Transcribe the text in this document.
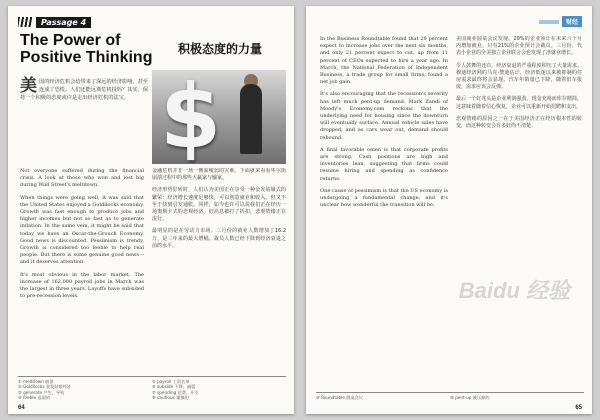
Passage 4
The Power of Positive Thinking	积极态度的力量
美 国的经济危机会给带来了深远的经济影响，甚至连成了恐慌。人们还能远离危机投吗？其实，保持一个积极的态度或许是走出经济危机的法宝。 $

Not everyone suffered during the financial crisis. A look at those who won and lost big during Wall Street's meltdown.

When things were going well, it was said that the United States enjoyed a Goldilocks economy. Growth was fast enough to produce jobs and higher incomes but not so fast as to generate inflation. In the same vein, it might be said that today we have an Oscar-the-Grouch Economy. Good news is discounted. Pessimism is trendy. Growth is considered too feeble to help real people. But there is some genuine good news—and it deserves attention.

It's most obvious in the labor market. The increase of 162,000 payroll jobs in March was the largest in three years. Layoffs have subsided to pre-recession levels.

金融危机并非一场一例面瘦弱的灾难。下面就来看看华尔街崩溃过程中的那些大赢家与输家。

经济形势好转时，人们认为美国正在享受一种金发姑娘式的繁荣：经济增长速度足够快，可以创造就业和收入，但又不至于快到引发通胀。同样，如今也许可以说我们正在经历一场奥斯卡式的悲观经济。好消息被打了折扣，悲观情绪正在流行。

最明显的是在劳动力市场。三月份的就业人数增加了16.2万，是三年来的最大增幅。裁员人数已经下降到经济衰退之前的水平。

① meltdown 崩溃
② Goldilocks 金发姑娘经济
③ generate 产生，导致
④ feeble 虚弱的
⑤ payroll 工资名单
⑥ subside 下降，减弱
⑦ spending 花费，开支
⑧ cautious 谨慎的
64
财经

In the Business Roundtable found that 29 percent expect to increase jobs over the next six months, and only 21 percent expect to cut, up from 11 percent of CEOs expected to hire a year ago. In March, the National Federation of Independent Business, a trade group for small firms, found a net job gain.

It's also encouraging that the recession's severity has left much pent-up demand. Mark Zandi of Moody's Economy.com reckons that the underlying need for housing since the downturn will eventually surface. Annual vehicle sales have dropped, and as cars wear out, demand should rebound.

A final favorable omen is that corporate profits are strong. Cash positions are high and inventories lean, suggesting that firms could resume hiring and spending as confidence returns.

One cause of pessimism is that the US economy is undergoing a fundamental change, and it's unclear how wonderful the transition will be.

美国商业圆桌会议发现，29%的企业预计在未来六个月内增加就业，只有21%的企业预计会裁员。三月份，代表小企业的全美独立企业联合会也发现了净就业增长。

令人鼓舞的还有，经济衰退的严重程度积压了大量需求。穆迪经济网的马克·赞迪估计，经济低迷以来被抑制的住房需求最终将会显现。汽车年销量已下降，随着旧车报废，需求应该会反弹。

最后一个好兆头是企业利润强劲。现金充裕而库存精简，这意味着随着信心恢复，企业可以重新开始招聘和支出。

悲观情绪的原因之一在于美国经济正在经历根本性的转变，而这种转变会有多好尚不清楚。

Baidu 经验
⑨ Roundtable 圆桌会议	⑩ pent-up 被压抑的
65
